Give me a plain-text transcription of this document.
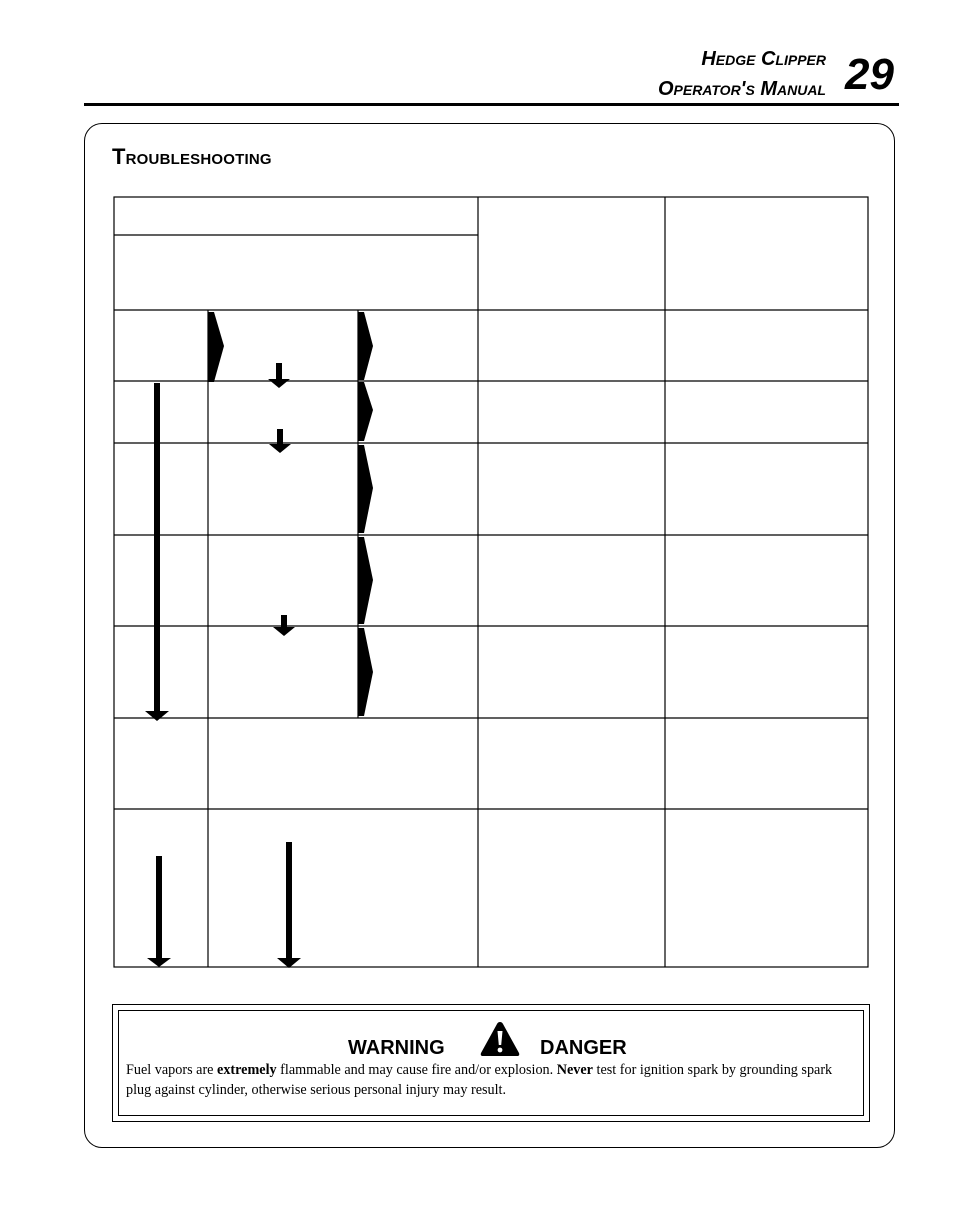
Hedge Clipper
Operator's Manual 29
Troubleshooting
WARNING	DANGER
Fuel vapors are extremely flammable and may cause fire and/or explosion. Never test for ignition spark by grounding spark plug against cylinder, otherwise serious personal injury may result.
